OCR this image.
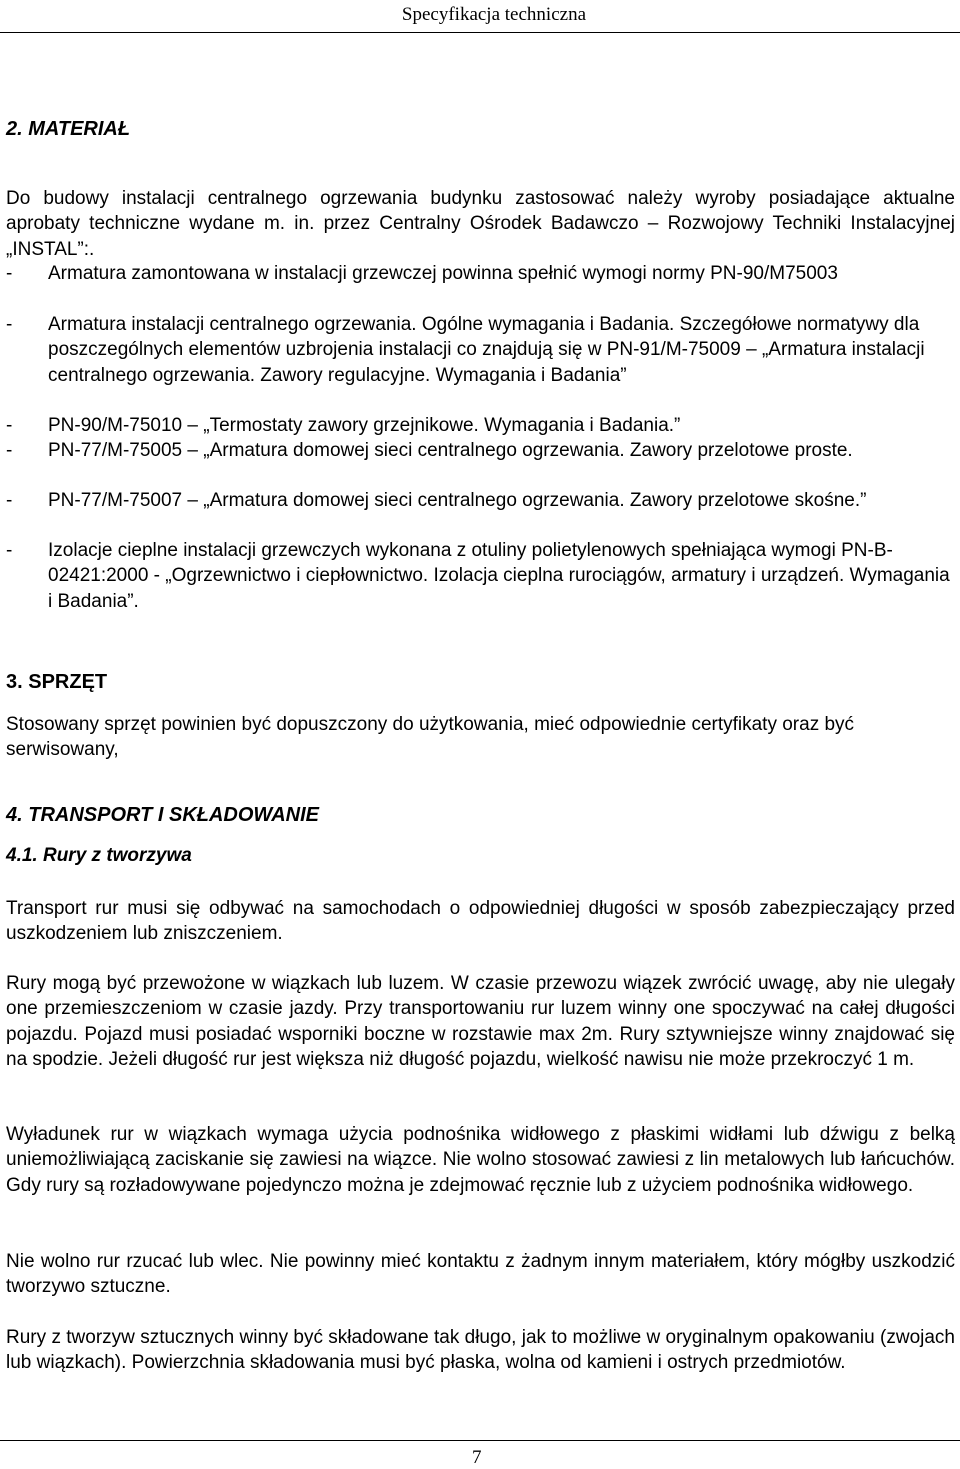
Specyfikacja techniczna
2. MATERIAŁ

Do budowy instalacji centralnego ogrzewania budynku zastosować należy wyroby posiadające aktualne aprobaty techniczne wydane m. in. przez Centralny Ośrodek Badawczo – Rozwojowy Techniki Instalacyjnej „INSTAL”:.

- Armatura zamontowana w instalacji grzewczej powinna spełnić wymogi normy PN-90/M75003
- Armatura instalacji centralnego ogrzewania. Ogólne wymagania i Badania. Szczegółowe normatywy dla poszczególnych elementów uzbrojenia instalacji co znajdują się w PN-91/M-75009 – „Armatura instalacji centralnego ogrzewania. Zawory regulacyjne. Wymagania i Badania”
- PN-90/M-75010 – „Termostaty zawory grzejnikowe. Wymagania i Badania.”
- PN-77/M-75005 – „Armatura domowej sieci centralnego ogrzewania. Zawory przelotowe proste.
- PN-77/M-75007 – „Armatura domowej sieci centralnego ogrzewania. Zawory przelotowe skośne.”
- Izolacje cieplne instalacji grzewczych wykonana z otuliny polietylenowych spełniająca wymogi PN-B-02421:2000 - „Ogrzewnictwo i ciepłownictwo. Izolacja cieplna rurociągów, armatury i urządzeń. Wymagania i Badania”.
3. SPRZĘT

Stosowany sprzęt powinien być dopuszczony do użytkowania, mieć odpowiednie certyfikaty oraz być serwisowany,

4. TRANSPORT I SKŁADOWANIE
4.1. Rury z tworzywa

Transport rur musi się odbywać na samochodach o odpowiedniej długości w sposób zabezpieczający przed uszkodzeniem lub zniszczeniem.

Rury mogą być przewożone w wiązkach lub luzem. W czasie przewozu wiązek zwrócić uwagę, aby nie ulegały one przemieszczeniom w czasie jazdy. Przy transportowaniu rur luzem winny one spoczywać na całej długości pojazdu. Pojazd musi posiadać wsporniki boczne w rozstawie max 2m. Rury sztywniejsze winny znajdować się na spodzie. Jeżeli długość rur jest większa niż długość pojazdu, wielkość nawisu nie może przekroczyć 1 m.

Wyładunek rur w wiązkach wymaga użycia podnośnika widłowego z płaskimi widłami lub dźwigu z belką uniemożliwiającą zaciskanie się zawiesi na wiązce. Nie wolno stosować zawiesi z lin metalowych lub łańcuchów. Gdy rury są rozładowywane pojedynczo można je zdejmować ręcznie lub z użyciem podnośnika widłowego.

Nie wolno rur rzucać lub wlec. Nie powinny mieć kontaktu z żadnym innym materiałem, który mógłby uszkodzić tworzywo sztuczne.

Rury z tworzyw sztucznych winny być składowane tak długo, jak to możliwe w oryginalnym opakowaniu (zwojach lub wiązkach). Powierzchnia składowania musi być płaska, wolna od kamieni i ostrych przedmiotów.

7
